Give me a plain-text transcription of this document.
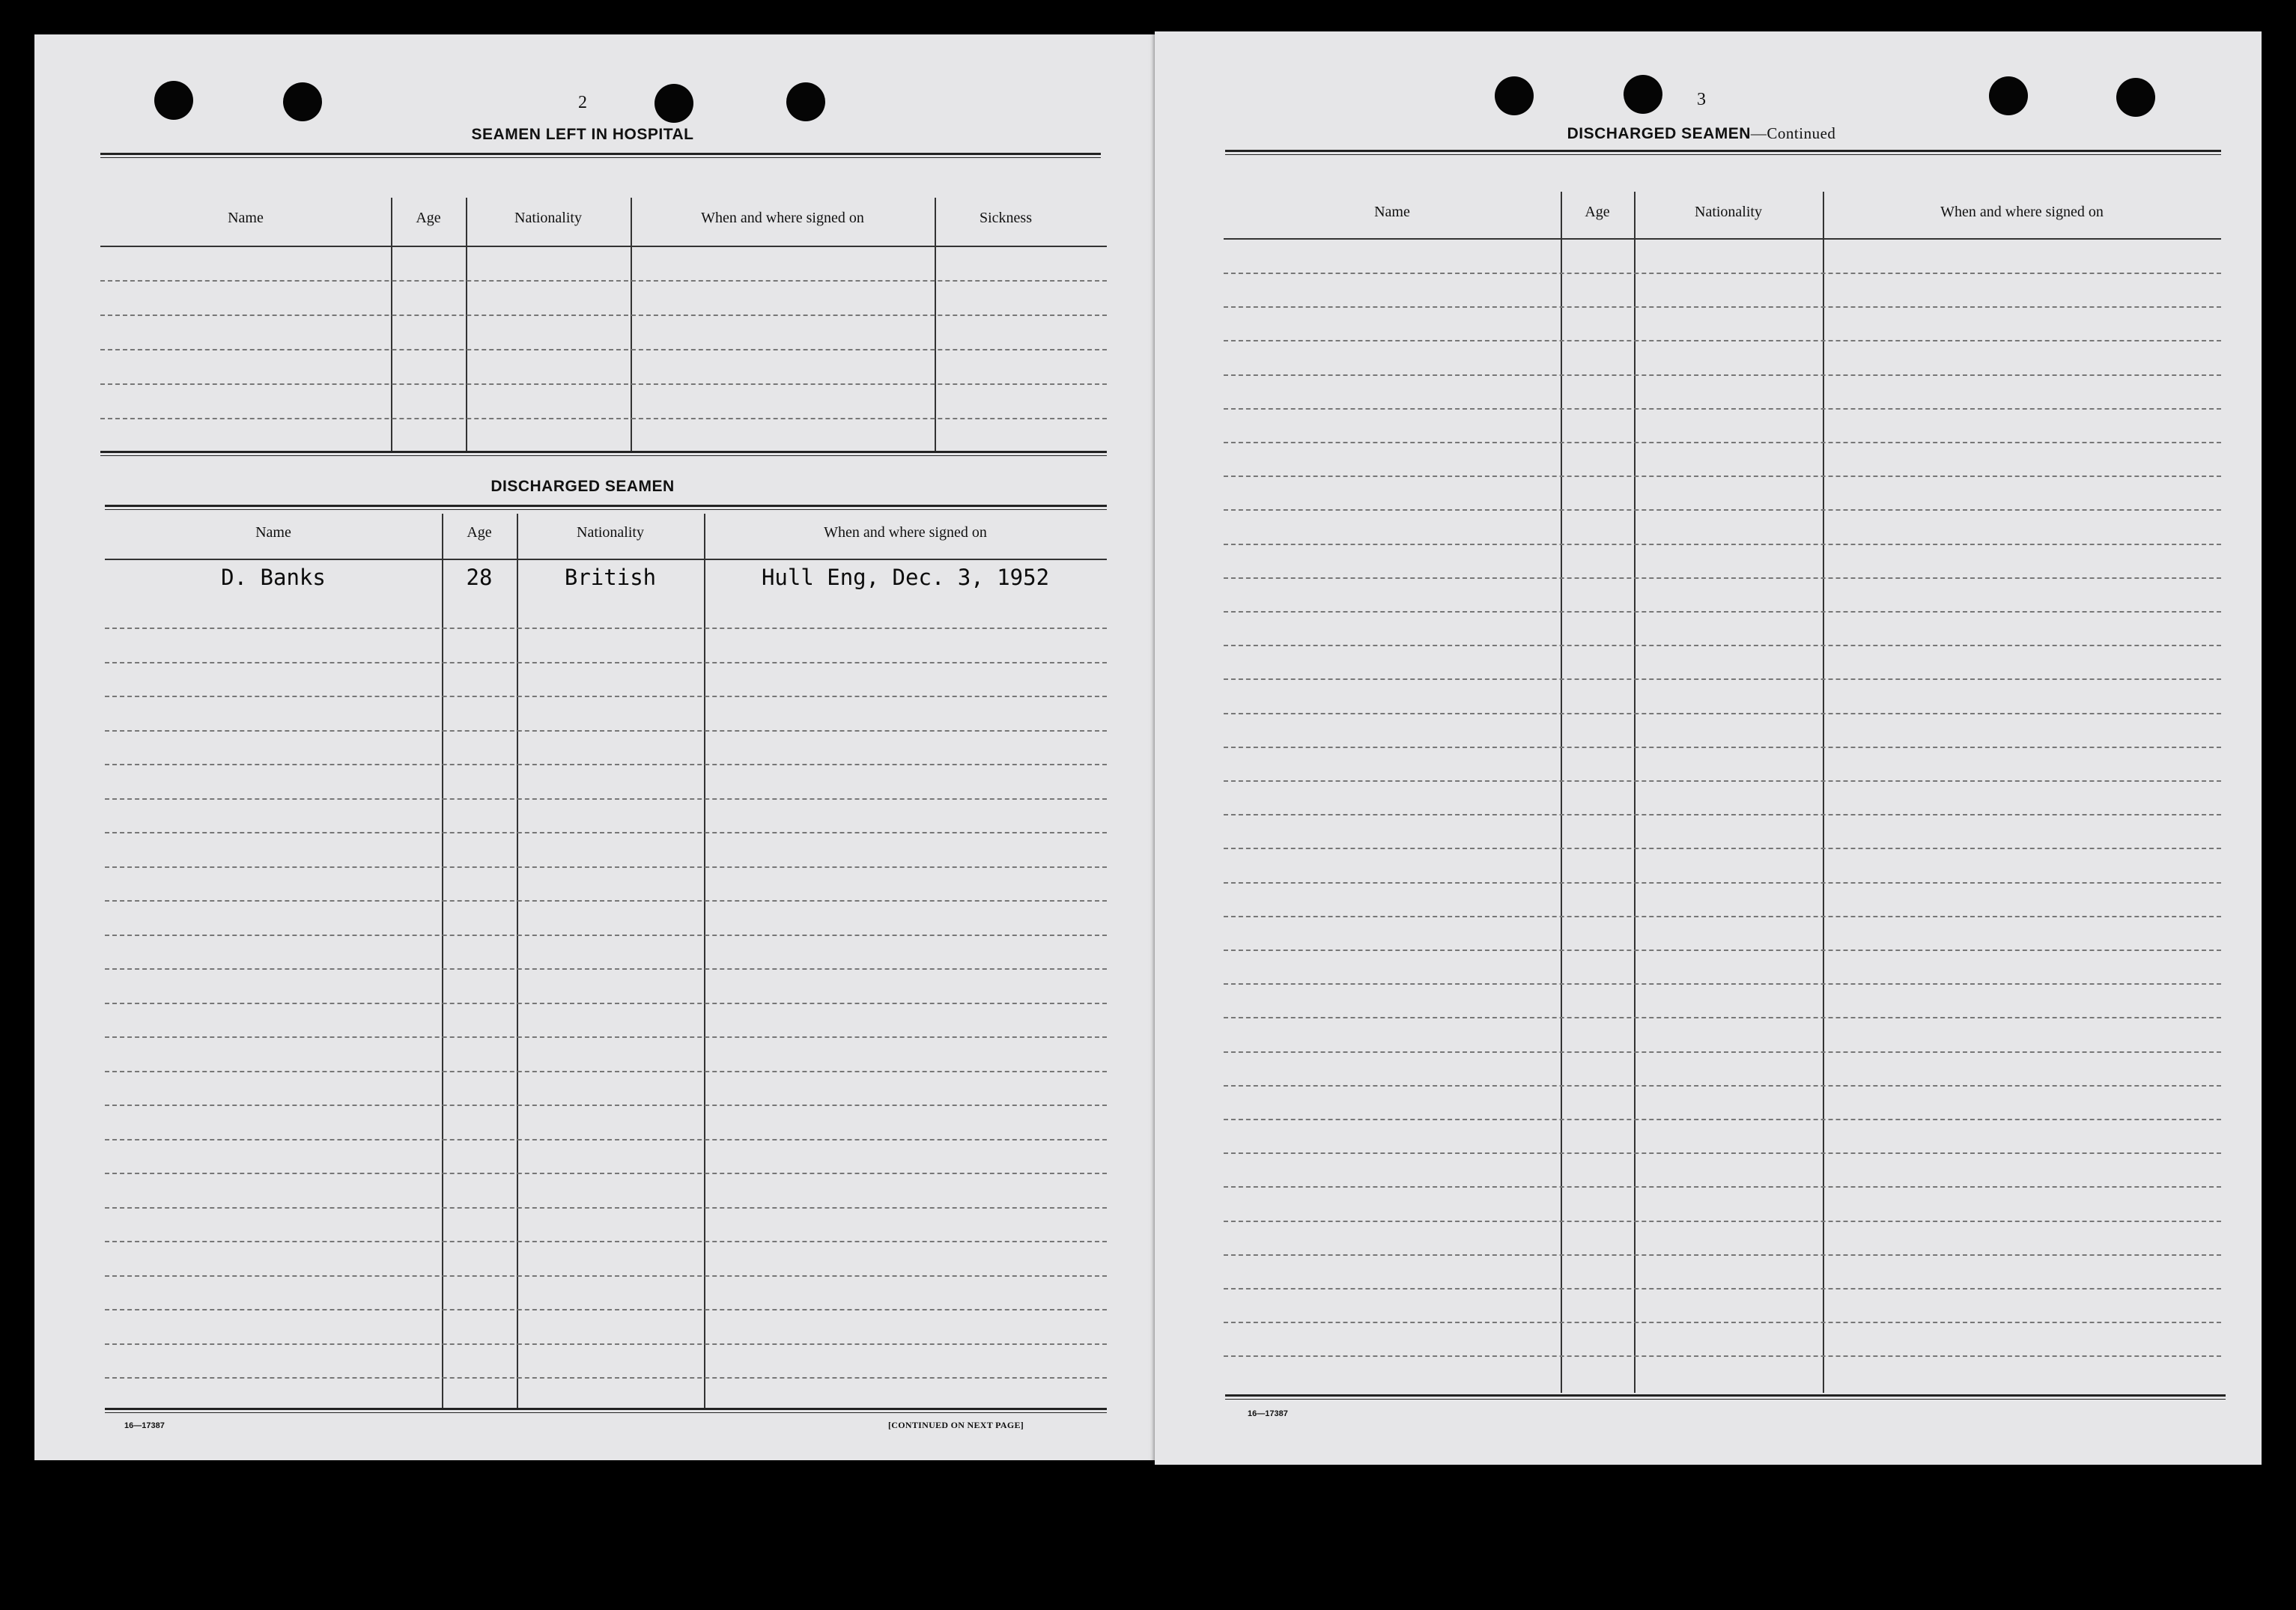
2
SEAMEN LEFT IN HOSPITAL
Name	Age	Nationality	When and where signed on	Sickness
DISCHARGED SEAMEN
Name	Age	Nationality	When and where signed on
D. Banks	28	British	Hull Eng, Dec. 3, 1952
16—17387	[CONTINUED ON NEXT PAGE]
3
DISCHARGED SEAMEN—Continued
Name	Age	Nationality	When and where signed on
16—17387
